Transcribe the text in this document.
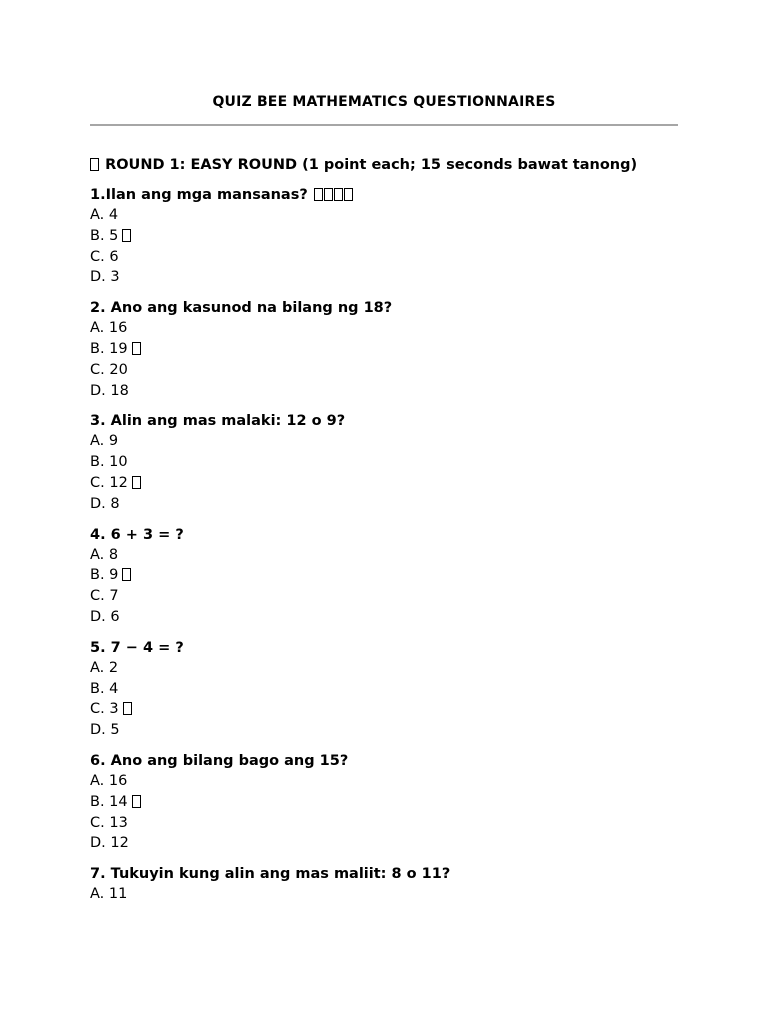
QUIZ BEE MATHEMATICS QUESTIONNAIRES
ROUND 1: EASY ROUND (1 point each; 15 seconds bawat tanong)
1.Ilan ang mga mansanas?
A. 4
B. 5
C. 6
D. 3
2. Ano ang kasunod na bilang ng 18?
A. 16
B. 19
C. 20
D. 18
3. Alin ang mas malaki: 12 o 9?
A. 9
B. 10
C. 12
D. 8
4. 6 + 3 = ?
A. 8
B. 9
C. 7
D. 6
5. 7 − 4 = ?
A. 2
B. 4
C. 3
D. 5
6. Ano ang bilang bago ang 15?
A. 16
B. 14
C. 13
D. 12
7. Tukuyin kung alin ang mas maliit: 8 o 11?
A. 11
